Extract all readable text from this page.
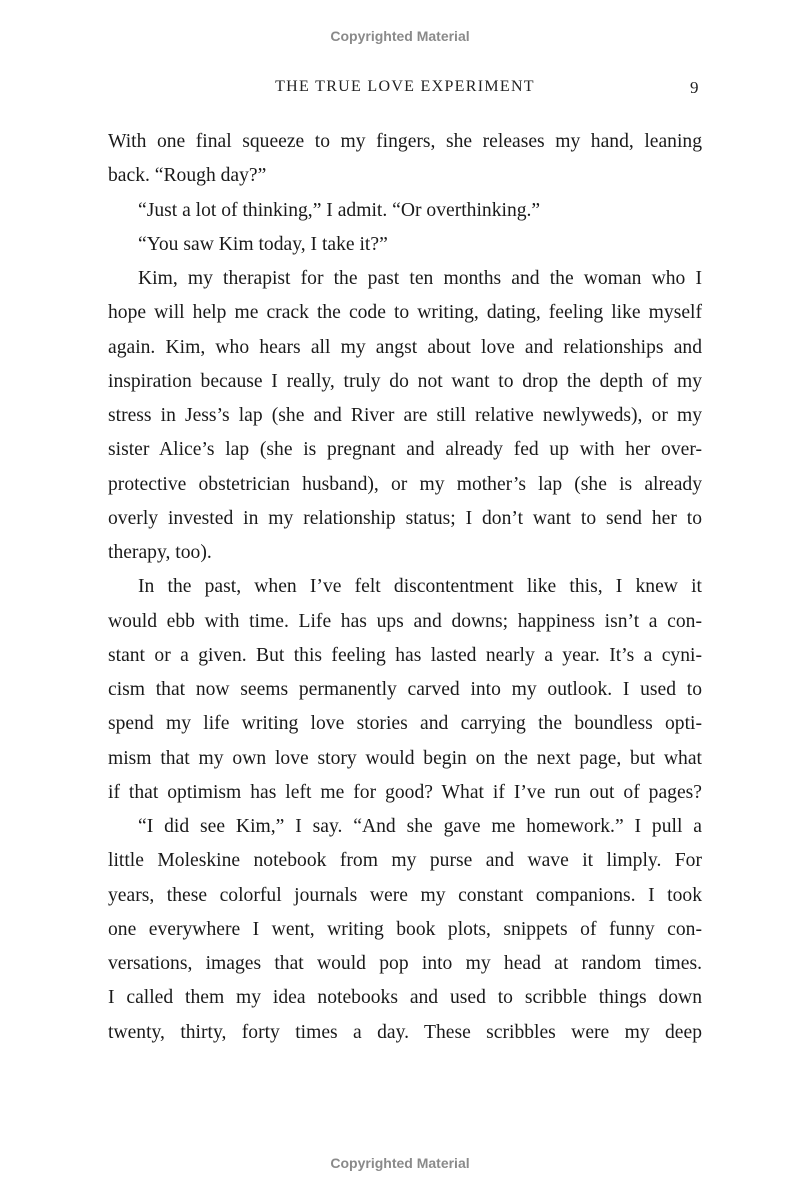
Copyrighted Material
THE TRUE LOVE EXPERIMENT	9
With one final squeeze to my fingers, she releases my hand, leaning
back. “Rough day?”
“Just a lot of thinking,” I admit. “Or overthinking.”
“You saw Kim today, I take it?”
Kim, my therapist for the past ten months and the woman who I
hope will help me crack the code to writing, dating, feeling like myself
again. Kim, who hears all my angst about love and relationships and
inspiration because I really, truly do not want to drop the depth of my
stress in Jess’s lap (she and River are still relative newlyweds), or my
sister Alice’s lap (she is pregnant and already fed up with her over-
protective obstetrician husband), or my mother’s lap (she is already
overly invested in my relationship status; I don’t want to send her to
therapy, too).
In the past, when I’ve felt discontentment like this, I knew it
would ebb with time. Life has ups and downs; happiness isn’t a con-
stant or a given. But this feeling has lasted nearly a year. It’s a cyni-
cism that now seems permanently carved into my outlook. I used to
spend my life writing love stories and carrying the boundless opti-
mism that my own love story would begin on the next page, but what
if that optimism has left me for good? What if I’ve run out of pages?
“I did see Kim,” I say. “And she gave me homework.” I pull a
little Moleskine notebook from my purse and wave it limply. For
years, these colorful journals were my constant companions. I took
one everywhere I went, writing book plots, snippets of funny con-
versations, images that would pop into my head at random times.
I called them my idea notebooks and used to scribble things down
twenty, thirty, forty times a day. These scribbles were my deep
Copyrighted Material
